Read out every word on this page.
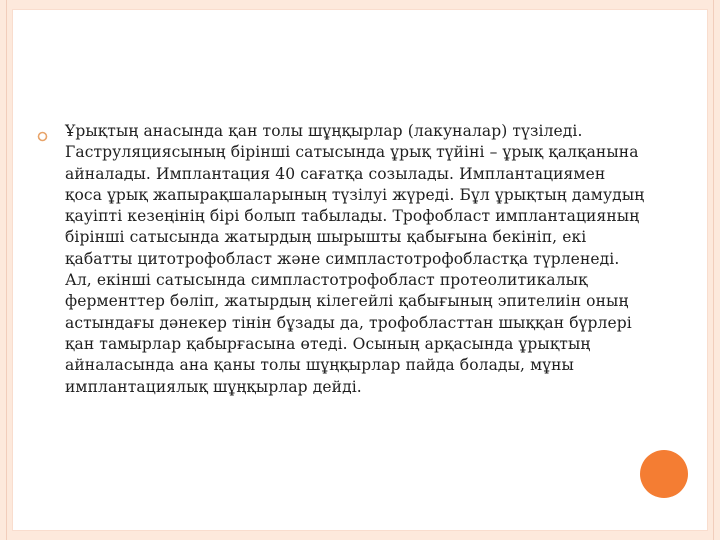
Ұрықтың анасында қан толы шұңқырлар (лакуналар) түзіледі. Гаструляциясының бірінші сатысында ұрық түйіні – ұрық қалқанына айналады. Имплантация 40 сағатқа созылады. Имплантациямен қоса ұрық жапырақшаларының түзілуі жүреді. Бұл ұрықтың дамудың қауіпті кезеңінің бірі болып табылады. Трофобласт имплантацияның бірінші сатысында жатырдың шырышты қабығына бекініп, екі қабатты цитотрофобласт және симпластотрофобластқа түрленеді. Ал, екінші сатысында симпластотрофобласт протеолитикалық ферменттер бөліп, жатырдың кілегейлі қабығының эпителиін оның астындағы дәнекер тінін бұзады да, трофобласттан шыққан бүрлері қан тамырлар қабырғасына өтеді. Осының арқасында ұрықтың айналасында ана қаны толы шұңқырлар пайда болады, мұны имплантациялық шұңқырлар дейді.
